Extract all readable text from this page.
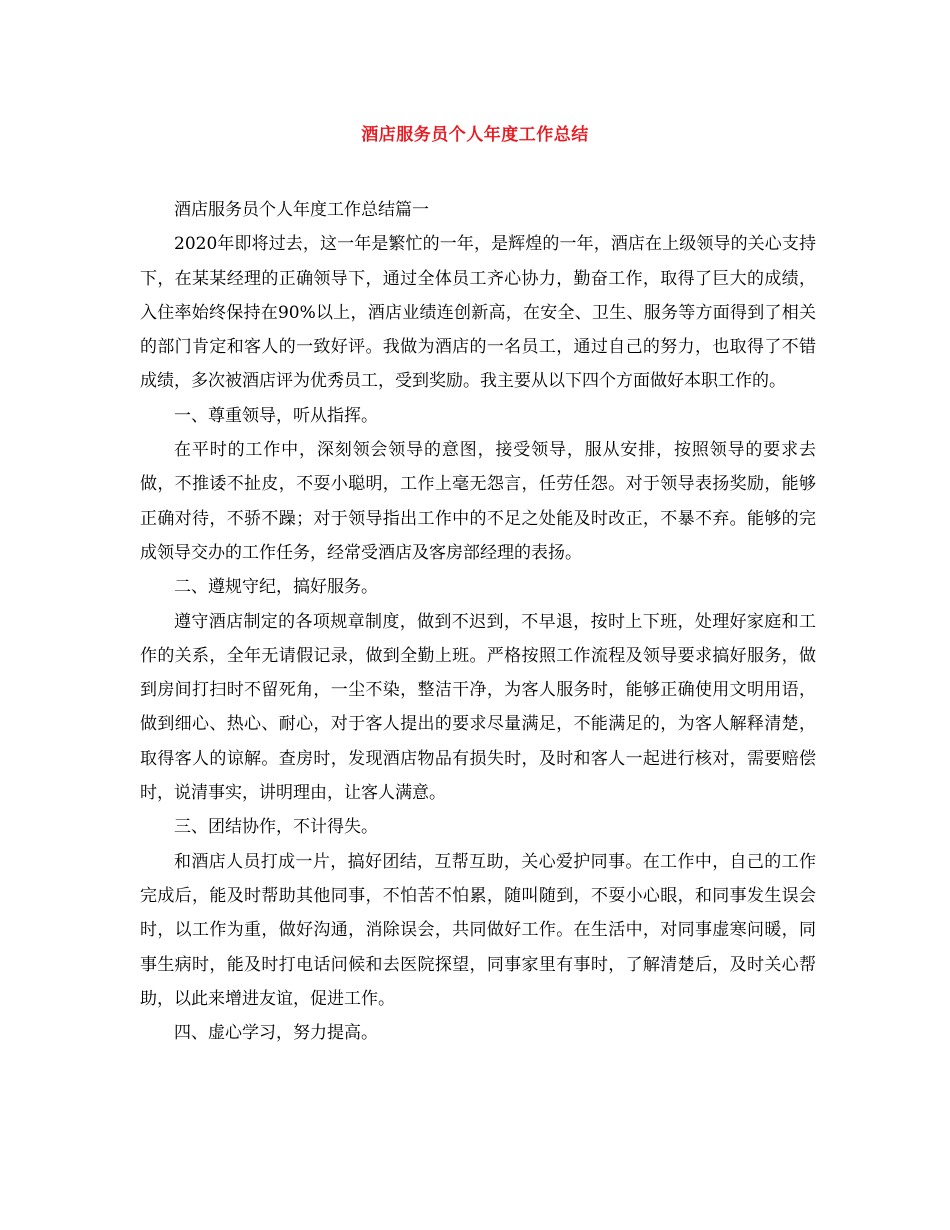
酒店服务员个人年度工作总结

酒店服务员个人年度工作总结篇一

2020年即将过去，这一年是繁忙的一年，是辉煌的一年，酒店在上级领导的关心支持下，在某某经理的正确领导下，通过全体员工齐心协力，勤奋工作，取得了巨大的成绩，入住率始终保持在90%以上，酒店业绩连创新高，在安全、卫生、服务等方面得到了相关的部门肯定和客人的一致好评。我做为酒店的一名员工，通过自己的努力，也取得了不错成绩，多次被酒店评为优秀员工，受到奖励。我主要从以下四个方面做好本职工作的。

一、尊重领导，听从指挥。

在平时的工作中，深刻领会领导的意图，接受领导，服从安排，按照领导的要求去做，不推诿不扯皮，不耍小聪明，工作上毫无怨言，任劳任怨。对于领导表扬奖励，能够正确对待，不骄不躁；对于领导指出工作中的不足之处能及时改正，不暴不弃。能够的完成领导交办的工作任务，经常受酒店及客房部经理的表扬。

二、遵规守纪，搞好服务。

遵守酒店制定的各项规章制度，做到不迟到，不早退，按时上下班，处理好家庭和工作的关系，全年无请假记录，做到全勤上班。严格按照工作流程及领导要求搞好服务，做到房间打扫时不留死角，一尘不染，整洁干净，为客人服务时，能够正确使用文明用语，做到细心、热心、耐心，对于客人提出的要求尽量满足，不能满足的，为客人解释清楚，取得客人的谅解。查房时，发现酒店物品有损失时，及时和客人一起进行核对，需要赔偿时，说清事实，讲明理由，让客人满意。

三、团结协作，不计得失。

和酒店人员打成一片，搞好团结，互帮互助，关心爱护同事。在工作中，自己的工作完成后，能及时帮助其他同事，不怕苦不怕累，随叫随到，不耍小心眼，和同事发生误会时，以工作为重，做好沟通，消除误会，共同做好工作。在生活中，对同事虚寒问暖，同事生病时，能及时打电话问候和去医院探望，同事家里有事时，了解清楚后，及时关心帮助，以此来增进友谊，促进工作。

四、虚心学习，努力提高。
